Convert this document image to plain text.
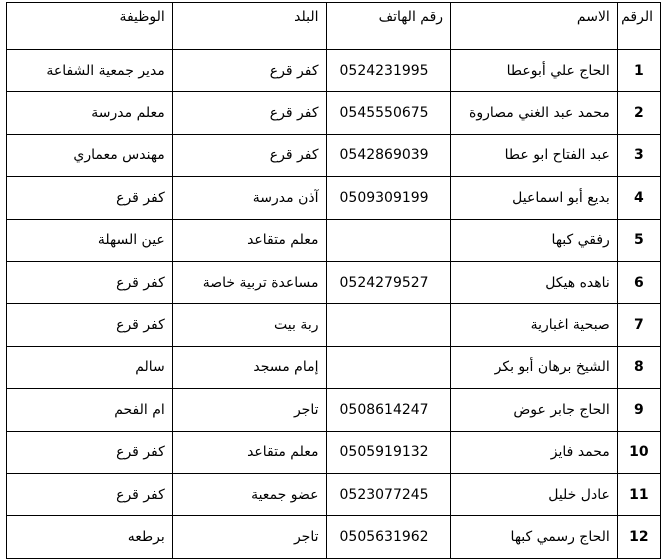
الرقم	الاسم	رقم الهاتف	البلد	الوظيفة
1	الحاج علي أبوعطا	0524231995	كفر قرع	مدير جمعية الشفاعة
2	محمد عبد الغني مصاروة	0545550675	كفر قرع	معلم مدرسة
3	عبد الفتاح ابو عطا	0542869039	كفر قرع	مهندس معماري
4	بديع أبو اسماعيل	0509309199	آذن مدرسة	كفر قرع
5	رفقي كبها		معلم متقاعد	عين السهلة
6	ناهده هيكل	0524279527	مساعدة تربية خاصة	كفر قرع
7	صبحية اغبارية		ربة بيت	كفر قرع
8	الشيخ برهان أبو بكر		إمام مسجد	سالم
9	الحاج جابر عوض	0508614247	تاجر	ام الفحم
10	محمد فايز	0505919132	معلم متقاعد	كفر قرع
11	عادل خليل	0523077245	عضو جمعية	كفر قرع
12	الحاج رسمي كبها	0505631962	تاجر	برطعه
